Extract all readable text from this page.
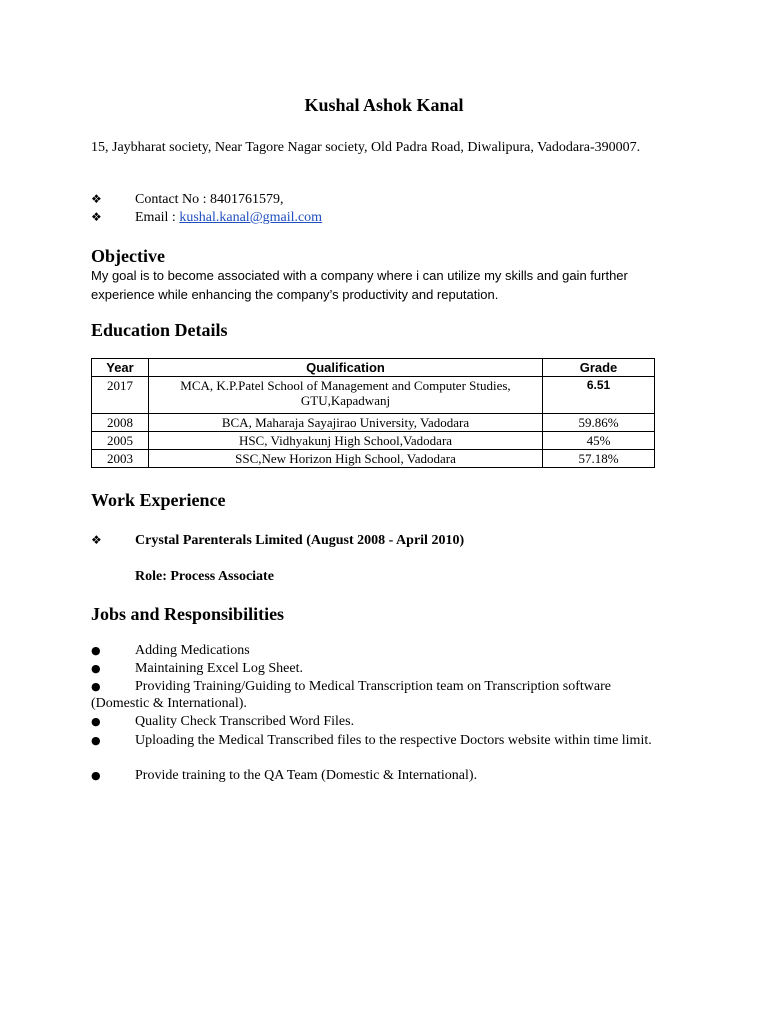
Kushal Ashok Kanal
15, Jaybharat society, Near Tagore Nagar society, Old Padra Road, Diwalipura, Vadodara-390007.
❖ Contact No : 8401761579,
❖ Email : kushal.kanal@gmail.com
Objective
My goal is to become associated with a company where i can utilize my skills and gain further experience while enhancing the company’s productivity and reputation.
Education Details
Year	Qualification	Grade
2017	MCA, K.P.Patel School of Management and Computer Studies, GTU,Kapadwanj	6.51
2008	BCA, Maharaja Sayajirao University, Vadodara	59.86%
2005	HSC, Vidhyakunj High School,Vadodara	45%
2003	SSC,New Horizon High School, Vadodara	57.18%
Work Experience
❖ Crystal Parenterals Limited (August 2008 - April 2010)
Role: Process Associate
Jobs and Responsibilities
● Adding Medications
● Maintaining Excel Log Sheet.
● Providing Training/Guiding to Medical Transcription team on Transcription software (Domestic & International).
● Quality Check Transcribed Word Files.
● Uploading the Medical Transcribed files to the respective Doctors website within time limit.
● Provide training to the QA Team (Domestic & International).
